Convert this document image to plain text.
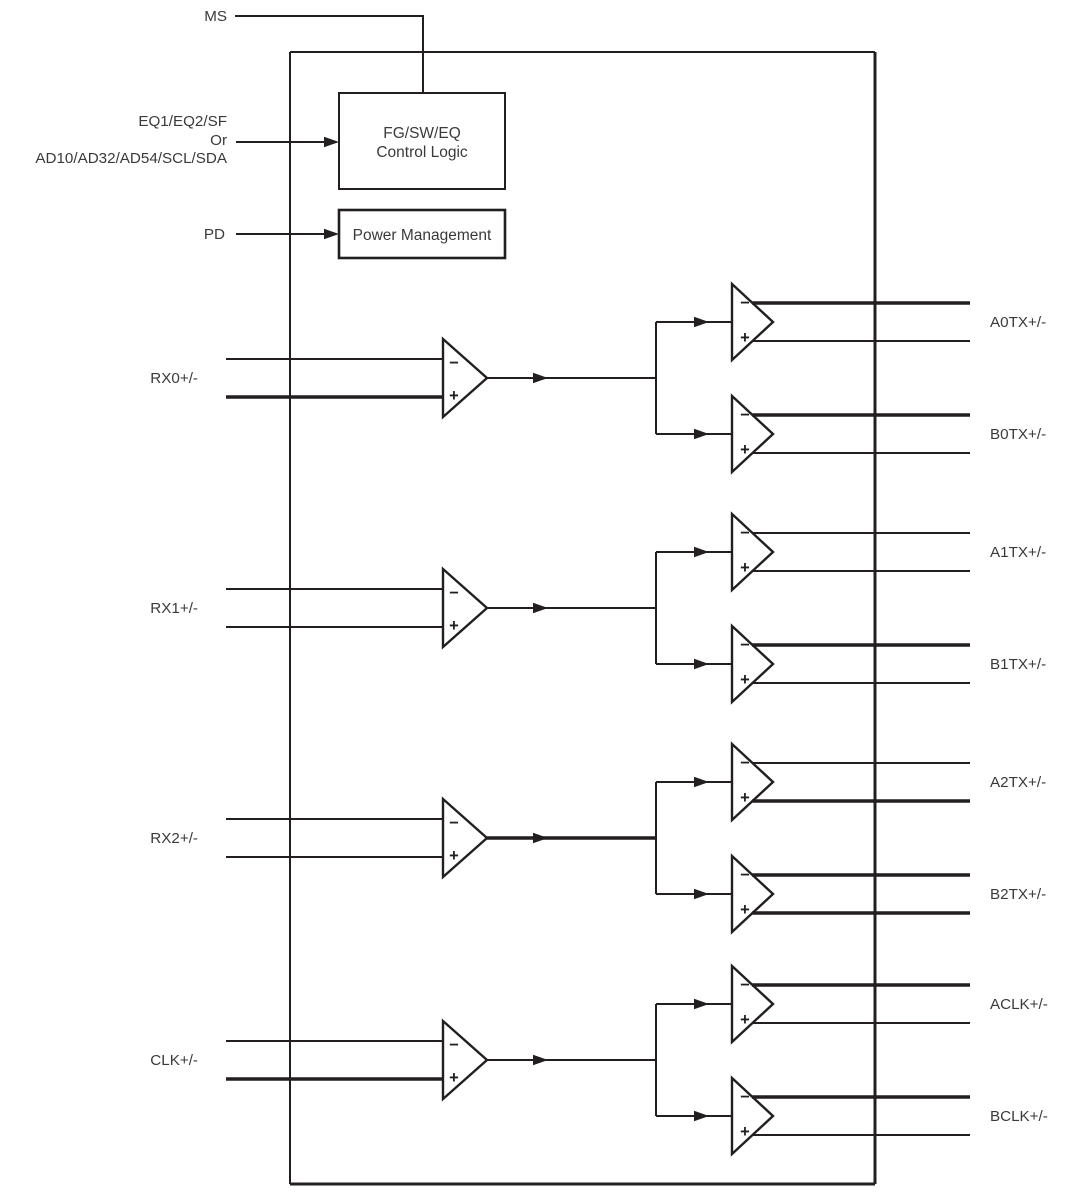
MS
EQ1/EQ2/SF
Or
AD10/AD32/AD54/SCL/SDA
FG/SW/EQ
Control Logic
PD	Power Management
RX0+/-
−
+
−
+
A0TX+/-
−
+
B0TX+/-
RX1+/-
−
+
−
+
A1TX+/-
−
+
B1TX+/-
RX2+/-
−
+
−
+
A2TX+/-
−
+
B2TX+/-
CLK+/-
−
+
−
+
ACLK+/-
−
+
BCLK+/-
